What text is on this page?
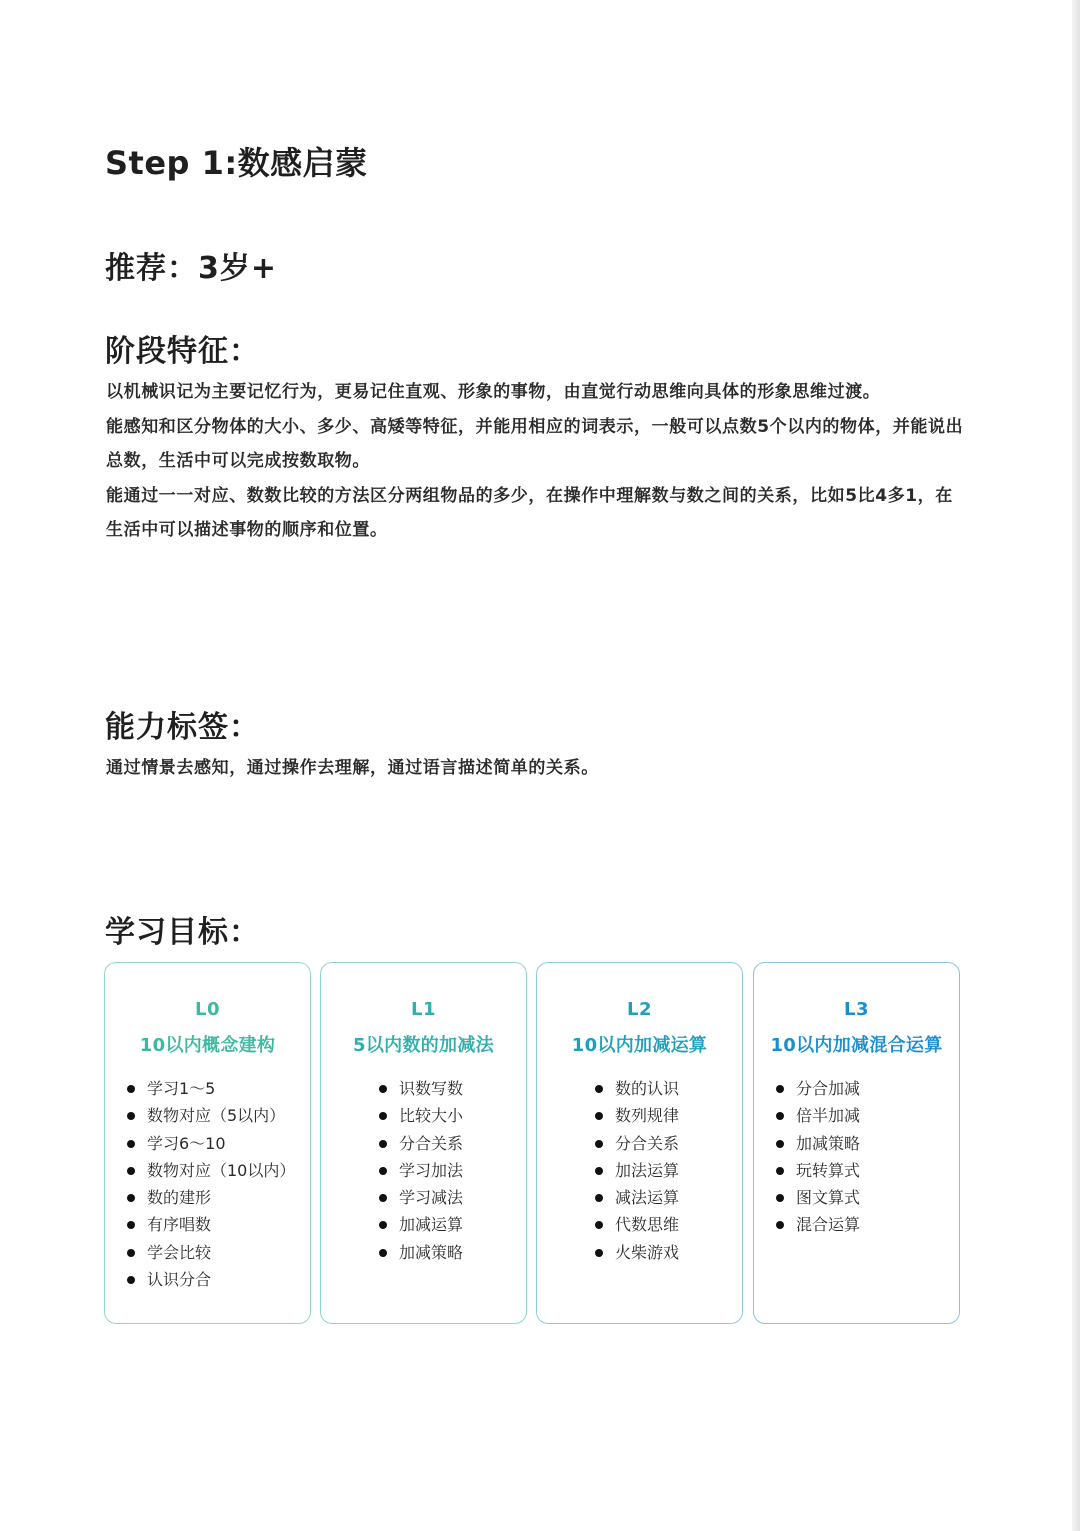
Step 1:数感启蒙
推荐：3岁+
阶段特征：

以机械识记为主要记忆行为，更易记住直观、形象的事物，由直觉行动思维向具体的形象思维过渡。

能感知和区分物体的大小、多少、高矮等特征，并能用相应的词表示，一般可以点数5个以内的物体，并能说出总数，生活中可以完成按数取物。

能通过一一对应、数数比较的方法区分两组物品的多少，在操作中理解数与数之间的关系，比如5比4多1，在生活中可以描述事物的顺序和位置。

能力标签：

通过情景去感知，通过操作去理解，通过语言描述简单的关系。

学习目标：
L0
10以内概念建构
学习1～5
数物对应（5以内）
学习6～10
数物对应（10以内）
数的建形
有序唱数
学会比较
认识分合
L1
5以内数的加减法
识数写数
比较大小
分合关系
学习加法
学习减法
加减运算
加减策略
L2
10以内加减运算
数的认识
数列规律
分合关系
加法运算
减法运算
代数思维
火柴游戏
L3
10以内加减混合运算
分合加减
倍半加减
加减策略
玩转算式
图文算式
混合运算
